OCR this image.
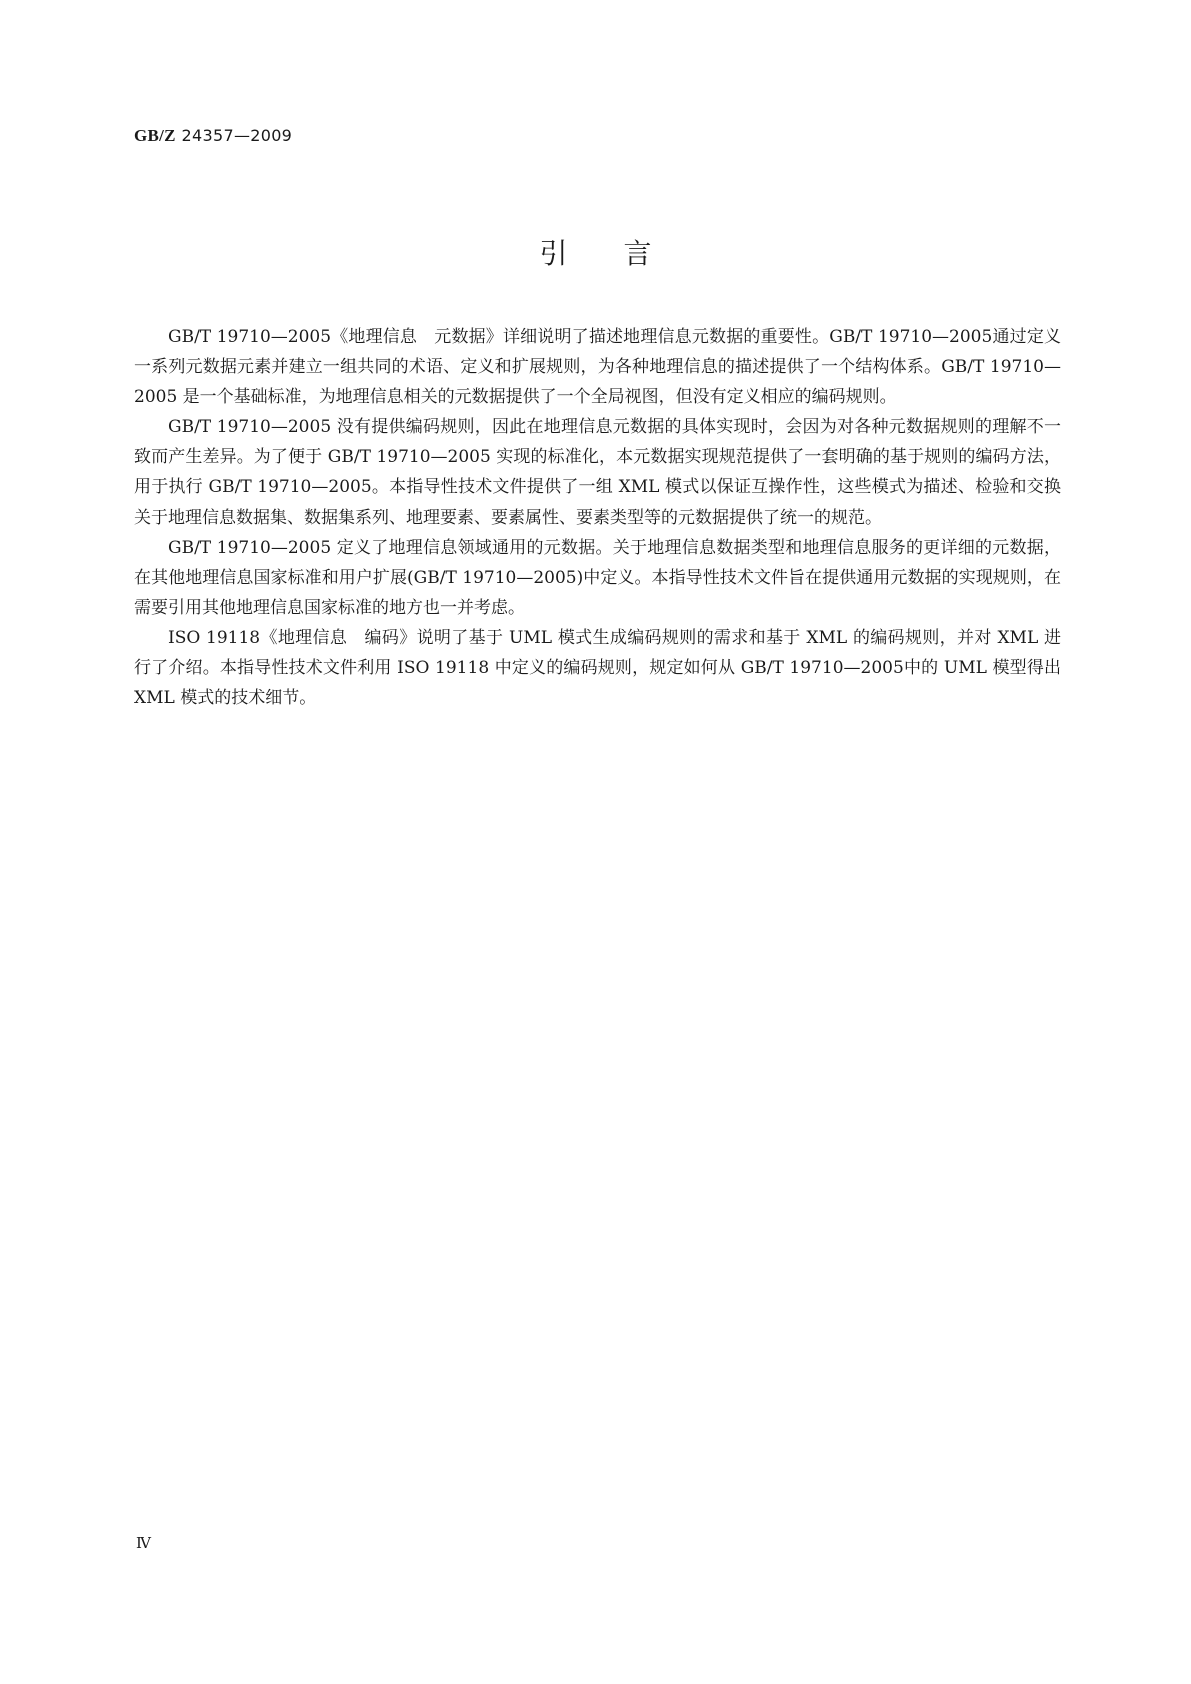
GB/Z 24357—2009
引言

GB/T 19710—2005《地理信息　元数据》详细说明了描述地理信息元数据的重要性。GB/T 19710—2005通过定义一系列元数据元素并建立一组共同的术语、定义和扩展规则，为各种地理信息的描述提供了一个结构体系。GB/T 19710—2005 是一个基础标准，为地理信息相关的元数据提供了一个全局视图，但没有定义相应的编码规则。

GB/T 19710—2005 没有提供编码规则，因此在地理信息元数据的具体实现时，会因为对各种元数据规则的理解不一致而产生差异。为了便于 GB/T 19710—2005 实现的标准化，本元数据实现规范提供了一套明确的基于规则的编码方法，用于执行 GB/T 19710—2005。本指导性技术文件提供了一组 XML 模式以保证互操作性，这些模式为描述、检验和交换关于地理信息数据集、数据集系列、地理要素、要素属性、要素类型等的元数据提供了统一的规范。

GB/T 19710—2005 定义了地理信息领域通用的元数据。关于地理信息数据类型和地理信息服务的更详细的元数据，在其他地理信息国家标准和用户扩展(GB/T 19710—2005)中定义。本指导性技术文件旨在提供通用元数据的实现规则，在需要引用其他地理信息国家标准的地方也一并考虑。

ISO 19118《地理信息　编码》说明了基于 UML 模式生成编码规则的需求和基于 XML 的编码规则，并对 XML 进行了介绍。本指导性技术文件利用 ISO 19118 中定义的编码规则，规定如何从 GB/T 19710—2005中的 UML 模型得出 XML 模式的技术细节。

Ⅳ
